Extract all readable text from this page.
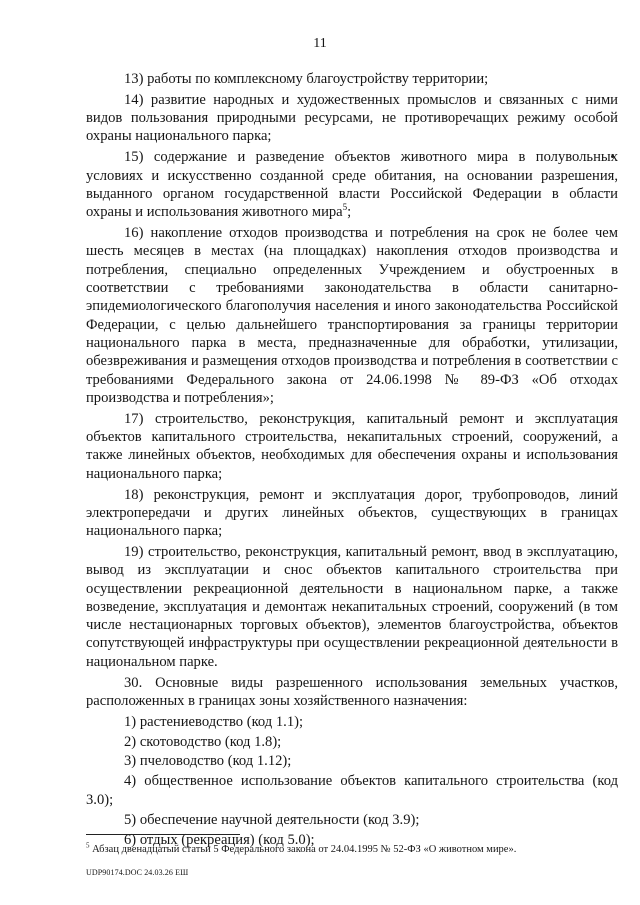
11

13) работы по комплексному благоустройству территории;

14) развитие народных и художественных промыслов и связанных с ними видов пользования природными ресурсами, не противоречащих режиму особой охраны национального парка;

15) содержание и разведение объектов животного мира в полувольных условиях и искусственно созданной среде обитания, на основании разрешения, выданного органом государственной власти Российской Федерации в области охраны и использования животного мира$^5$;

16) накопление отходов производства и потребления на срок не более чем шесть месяцев в местах (на площадках) накопления отходов производства и потребления, специально определенных Учреждением и обустроенных в соответствии с требованиями законодательства в области санитарно-эпидемиологического благополучия населения и иного законодательства Российской Федерации, с целью дальнейшего транспортирования за границы территории национального парка в места, предназначенные для обработки, утилизации, обезвреживания и размещения отходов производства и потребления в соответствии с требованиями Федерального закона от 24.06.1998 № 89-ФЗ «Об отходах производства и потребления»;

17) строительство, реконструкция, капитальный ремонт и эксплуатация объектов капитального строительства, некапитальных строений, сооружений, а также линейных объектов, необходимых для обеспечения охраны и использования национального парка;

18) реконструкция, ремонт и эксплуатация дорог, трубопроводов, линий электропередачи и других линейных объектов, существующих в границах национального парка;

19) строительство, реконструкция, капитальный ремонт, ввод в эксплуатацию, вывод из эксплуатации и снос объектов капитального строительства при осуществлении рекреационной деятельности в национальном парке, а также возведение, эксплуатация и демонтаж некапитальных строений, сооружений (в том числе нестационарных торговых объектов), элементов благоустройства, объектов сопутствующей инфраструктуры при осуществлении рекреационной деятельности в национальном парке.

30. Основные виды разрешенного использования земельных участков, расположенных в границах зоны хозяйственного назначения:

1) растениеводство (код 1.1);

2) скотоводство (код 1.8);

3) пчеловодство (код 1.12);

4) общественное использование объектов капитального строительства (код 3.0);

5) обеспечение научной деятельности (код 3.9);

6) отдых (рекреация) (код 5.0);

$^5$ Абзац двенадцатый статьи 5 Федерального закона от 24.04.1995 № 52-ФЗ «О животном мире».
UDP90174.DOC 24.03.26 ЕШ
